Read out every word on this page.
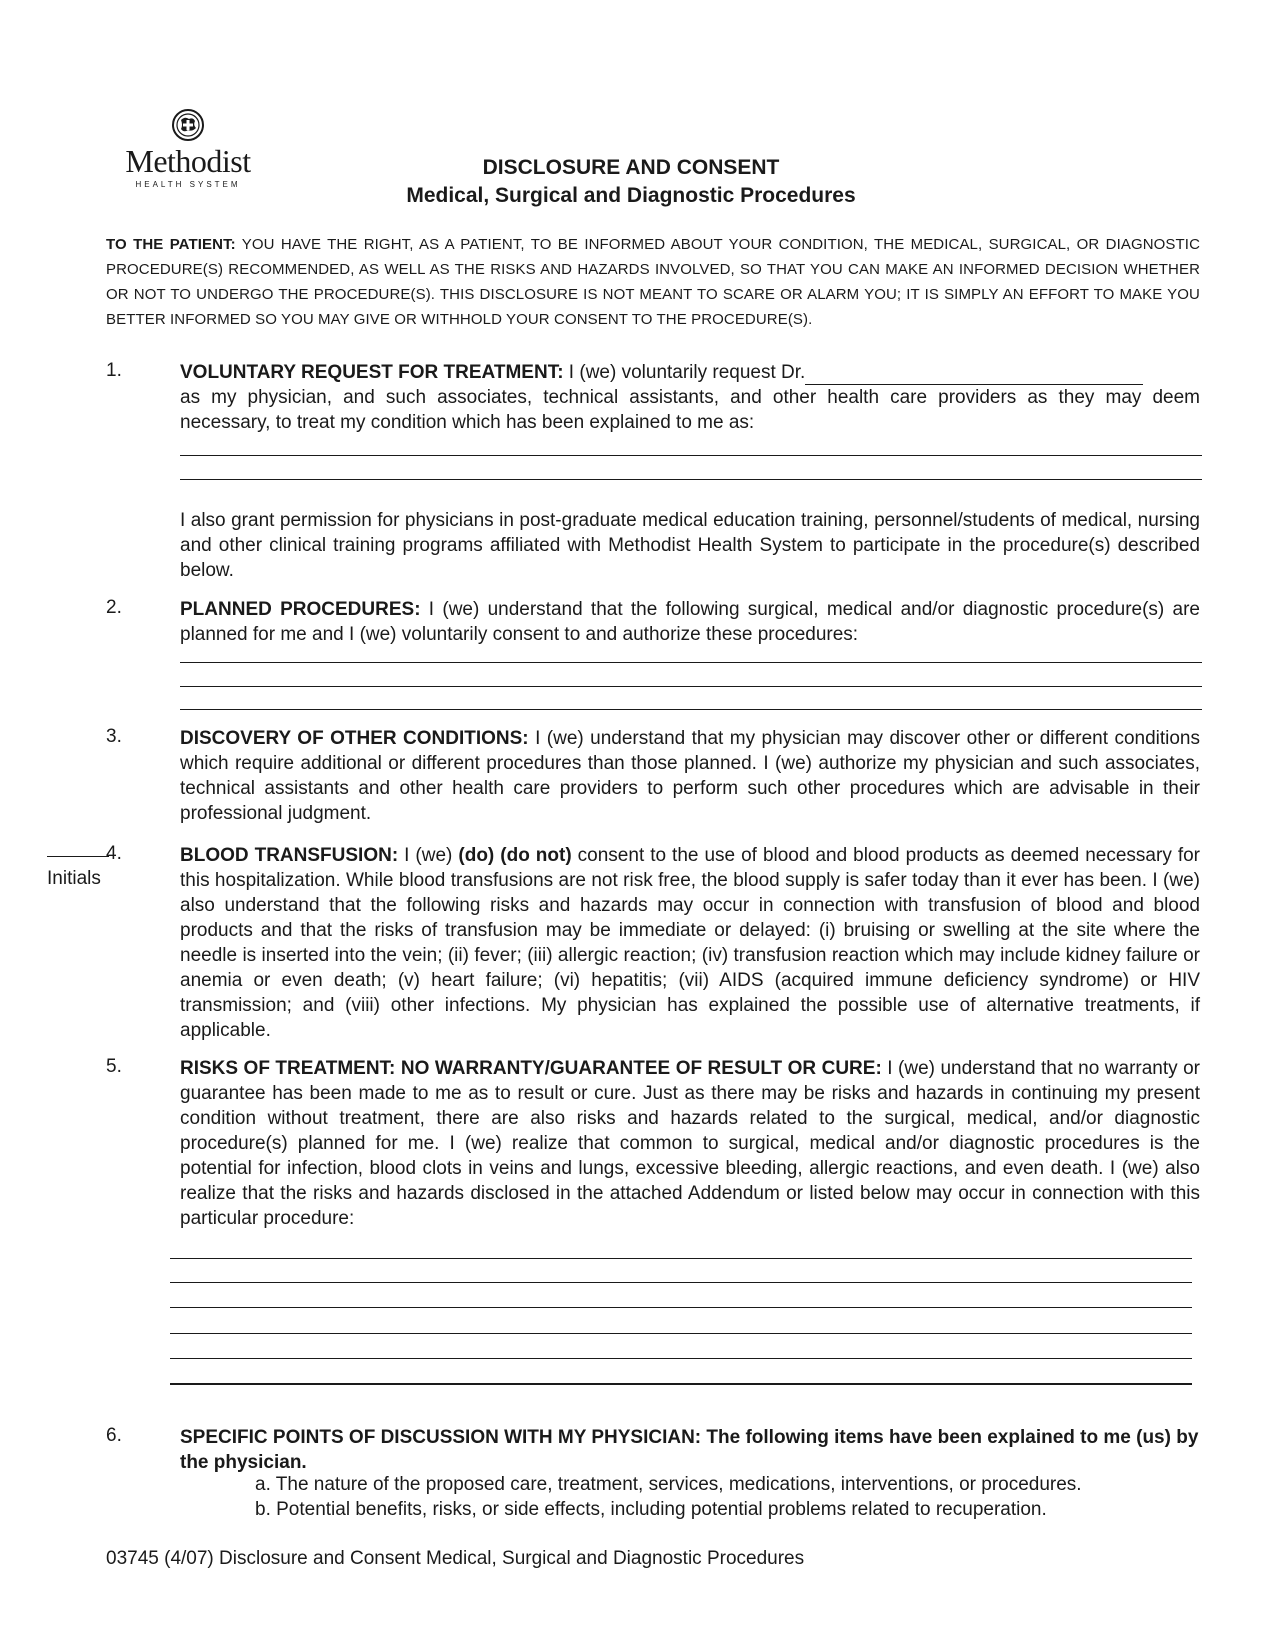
Methodist
HEALTH SYSTEM
DISCLOSURE AND CONSENT
Medical, Surgical and Diagnostic Procedures
TO THE PATIENT: YOU HAVE THE RIGHT, AS A PATIENT, TO BE INFORMED ABOUT YOUR CONDITION, THE MEDICAL, SURGICAL, OR DIAGNOSTIC PROCEDURE(S) RECOMMENDED, AS WELL AS THE RISKS AND HAZARDS INVOLVED, SO THAT YOU CAN MAKE AN INFORMED DECISION WHETHER OR NOT TO UNDERGO THE PROCEDURE(S). THIS DISCLOSURE IS NOT MEANT TO SCARE OR ALARM YOU; IT IS SIMPLY AN EFFORT TO MAKE YOU BETTER INFORMED SO YOU MAY GIVE OR WITHHOLD YOUR CONSENT TO THE PROCEDURE(S).
1.	VOLUNTARY REQUEST FOR TREATMENT: I (we) voluntarily request Dr.
as my physician, and such associates, technical assistants, and other health care providers as they may deem necessary, to treat my condition which has been explained to me as:
I also grant permission for physicians in post-graduate medical education training, personnel/students of medical, nursing and other clinical training programs affiliated with Methodist Health System to participate in the procedure(s) described below.
2.	PLANNED PROCEDURES: I (we) understand that the following surgical, medical and/or diagnostic procedure(s) are planned for me and I (we) voluntarily consent to and authorize these procedures:
3.	DISCOVERY OF OTHER CONDITIONS: I (we) understand that my physician may discover other or different conditions which require additional or different procedures than those planned. I (we) authorize my physician and such associates, technical assistants and other health care providers to perform such other procedures which are advisable in their professional judgment.
Initials
4.	BLOOD TRANSFUSION: I (we) (do) (do not) consent to the use of blood and blood products as deemed necessary for this hospitalization. While blood transfusions are not risk free, the blood supply is safer today than it ever has been. I (we) also understand that the following risks and hazards may occur in connection with transfusion of blood and blood products and that the risks of transfusion may be immediate or delayed: (i) bruising or swelling at the site where the needle is inserted into the vein; (ii) fever; (iii) allergic reaction; (iv) transfusion reaction which may include kidney failure or anemia or even death; (v) heart failure; (vi) hepatitis; (vii) AIDS (acquired immune deficiency syndrome) or HIV transmission; and (viii) other infections. My physician has explained the possible use of alternative treatments, if applicable.
5.	RISKS OF TREATMENT: NO WARRANTY/GUARANTEE OF RESULT OR CURE: I (we) understand that no warranty or guarantee has been made to me as to result or cure. Just as there may be risks and hazards in continuing my present condition without treatment, there are also risks and hazards related to the surgical, medical, and/or diagnostic procedure(s) planned for me. I (we) realize that common to surgical, medical and/or diagnostic procedures is the potential for infection, blood clots in veins and lungs, excessive bleeding, allergic reactions, and even death. I (we) also realize that the risks and hazards disclosed in the attached Addendum or listed below may occur in connection with this particular procedure:
6.	SPECIFIC POINTS OF DISCUSSION WITH MY PHYSICIAN: The following items have been explained to me (us) by the physician.
a. The nature of the proposed care, treatment, services, medications, interventions, or procedures.
b. Potential benefits, risks, or side effects, including potential problems related to recuperation.
03745 (4/07) Disclosure and Consent Medical, Surgical and Diagnostic Procedures
